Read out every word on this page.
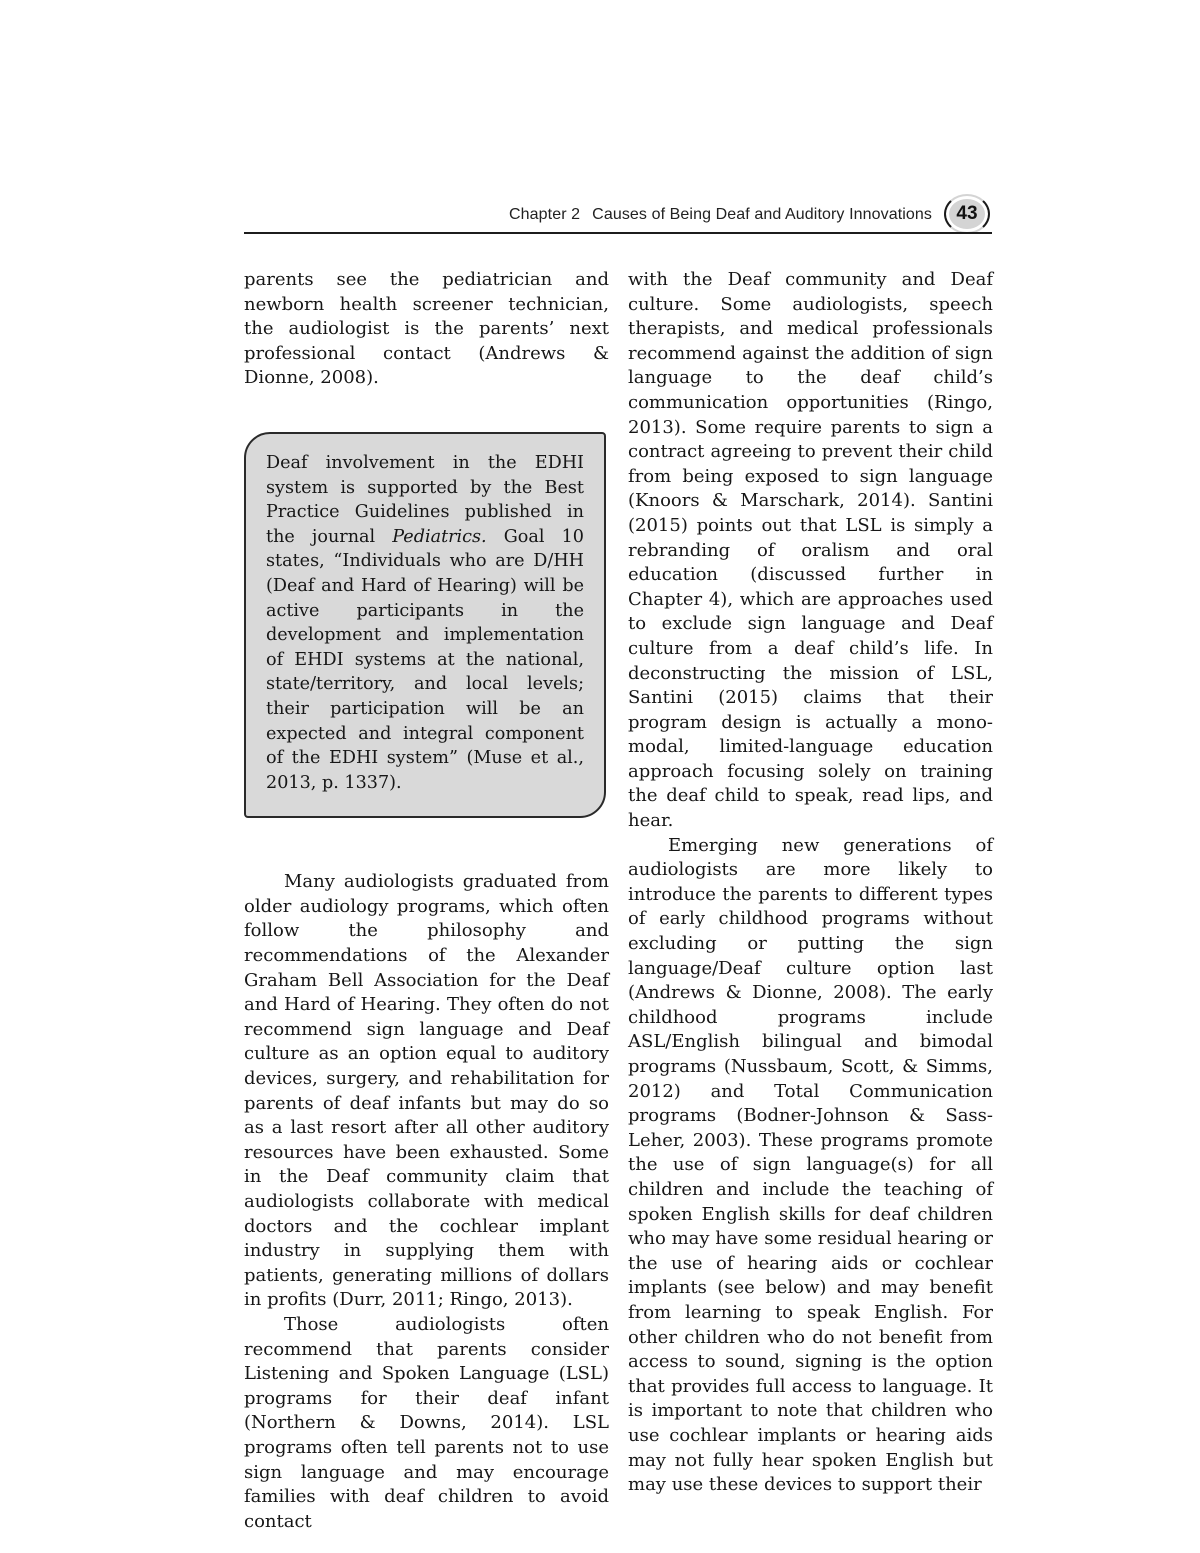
Chapter 2 Causes of Being Deaf and Auditory Innovations	43

parents see the pediatrician and newborn health screener technician, the audiologist is the parents’ next professional contact (Andrews & Dionne, 2008).

Deaf involvement in the EDHI system is supported by the Best Practice Guidelines published in the journal Pediatrics. Goal 10 states, “Individuals who are D/HH (Deaf and Hard of Hearing) will be active participants in the development and implementation of EHDI systems at the national, state/territory, and local levels; their participation will be an expected and integral component of the EDHI system” (Muse et al., 2013, p. 1337).

Many audiologists graduated from older audiology programs, which often follow the philosophy and recommendations of the Alexander Graham Bell Association for the Deaf and Hard of Hearing. They often do not recommend sign language and Deaf culture as an option equal to auditory devices, surgery, and rehabilitation for parents of deaf infants but may do so as a last resort after all other auditory resources have been exhausted. Some in the Deaf community claim that audiologists collaborate with medical doctors and the cochlear implant industry in supplying them with patients, generating millions of dollars in profits (Durr, 2011; Ringo, 2013).

Those audiologists often recommend that parents consider Listening and Spoken Language (LSL) programs for their deaf infant (Northern & Downs, 2014). LSL programs often tell parents not to use sign language and may encourage families with deaf children to avoid contact

with the Deaf community and Deaf culture. Some audiologists, speech therapists, and medical professionals recommend against the addition of sign language to the deaf child’s communication opportunities (Ringo, 2013). Some require parents to sign a contract agreeing to prevent their child from being exposed to sign language (Knoors & Marschark, 2014). Santini (2015) points out that LSL is simply a rebranding of oralism and oral education (discussed further in Chapter 4), which are approaches used to exclude sign language and Deaf culture from a deaf child’s life. In deconstructing the mission of LSL, Santini (2015) claims that their program design is actually a mono-modal, limited-language education approach focusing solely on training the deaf child to speak, read lips, and hear.

Emerging new generations of audiologists are more likely to introduce the parents to different types of early childhood programs without excluding or putting the sign language/Deaf culture option last (Andrews & Dionne, 2008). The early childhood programs include ASL/English bilingual and bimodal programs (Nussbaum, Scott, & Simms, 2012) and Total Communication programs (Bodner-Johnson & Sass-Leher, 2003). These programs promote the use of sign language(s) for all children and include the teaching of spoken English skills for deaf children who may have some residual hearing or the use of hearing aids or cochlear implants (see below) and may benefit from learning to speak English. For other children who do not benefit from access to sound, signing is the option that provides full access to language. It is important to note that children who use cochlear implants or hearing aids may not fully hear spoken English but may use these devices to support their
